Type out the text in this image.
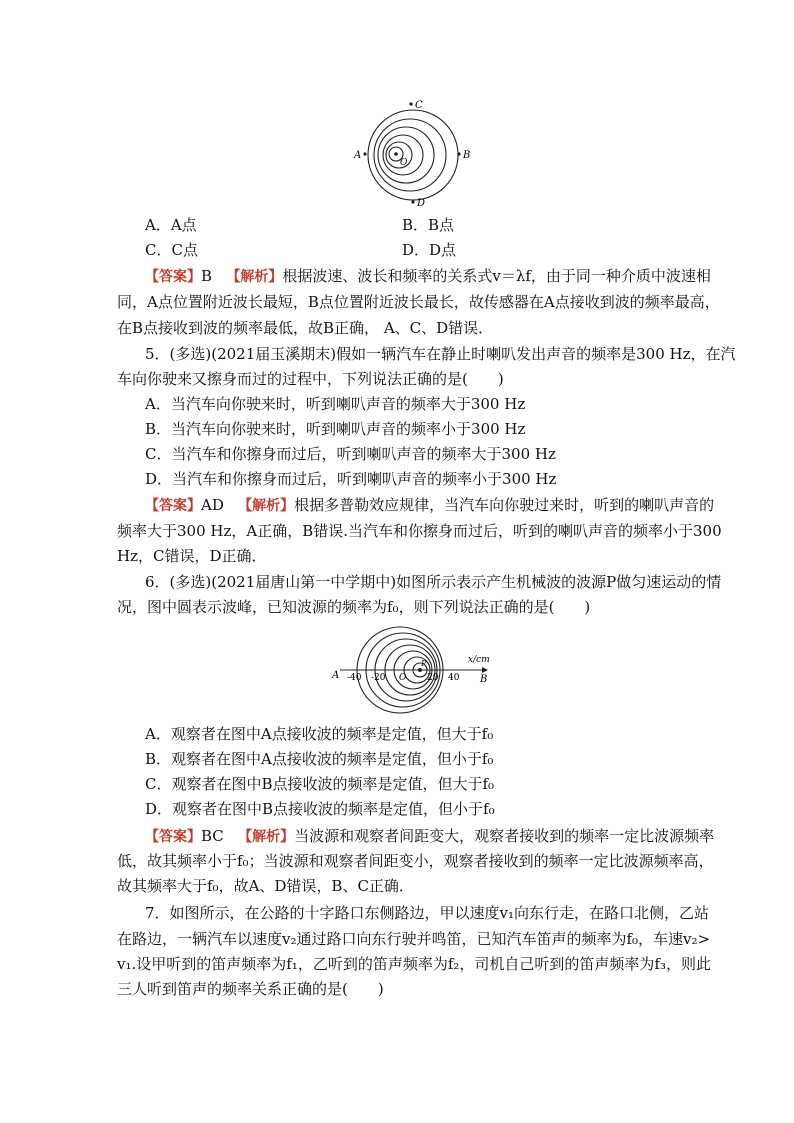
A	B
C
D
O
A．A点	B．B点
C．C点	D．D点
【答案】B 【解析】根据波速、波长和频率的关系式v＝λf，由于同一种介质中波速相
同，A点位置附近波长最短，B点位置附近波长最长，故传感器在A点接收到波的频率最高，
在B点接收到波的频率最低，故B正确， A、C、D错误．
5．(多选)(2021届玉溪期末)假如一辆汽车在静止时喇叭发出声音的频率是300 Hz，在汽
车向你驶来又擦身而过的过程中，下列说法正确的是(　　)
A．当汽车向你驶来时，听到喇叭声音的频率大于300 Hz
B．当汽车向你驶来时，听到喇叭声音的频率小于300 Hz
C．当汽车和你擦身而过后，听到喇叭声音的频率大于300 Hz
D．当汽车和你擦身而过后，听到喇叭声音的频率小于300 Hz
【答案】AD 【解析】根据多普勒效应规律，当汽车向你驶过来时，听到的喇叭声音的
频率大于300 Hz，A正确，B错误.当汽车和你擦身而过后，听到的喇叭声音的频率小于300
Hz，C错误，D正确．
6．(多选)(2021届唐山第一中学期中)如图所示表示产生机械波的波源P做匀速运动的情
况，图中圆表示波峰，已知波源的频率为f₀，则下列说法正确的是(　　)
x/cm
A	B
P
-40 -20 O 20 40
A．观察者在图中A点接收波的频率是定值，但大于f₀
B．观察者在图中A点接收波的频率是定值，但小于f₀
C．观察者在图中B点接收波的频率是定值，但大于f₀
D．观察者在图中B点接收波的频率是定值，但小于f₀
【答案】BC 【解析】当波源和观察者间距变大，观察者接收到的频率一定比波源频率
低，故其频率小于f₀；当波源和观察者间距变小，观察者接收到的频率一定比波源频率高，
故其频率大于f₀，故A、D错误，B、C正确．
7．如图所示，在公路的十字路口东侧路边，甲以速度v₁向东行走，在路口北侧，乙站
在路边，一辆汽车以速度v₂通过路口向东行驶并鸣笛，已知汽车笛声的频率为f₀，车速v₂>
v₁.设甲听到的笛声频率为f₁，乙听到的笛声频率为f₂，司机自己听到的笛声频率为f₃，则此
三人听到笛声的频率关系正确的是(　　)
